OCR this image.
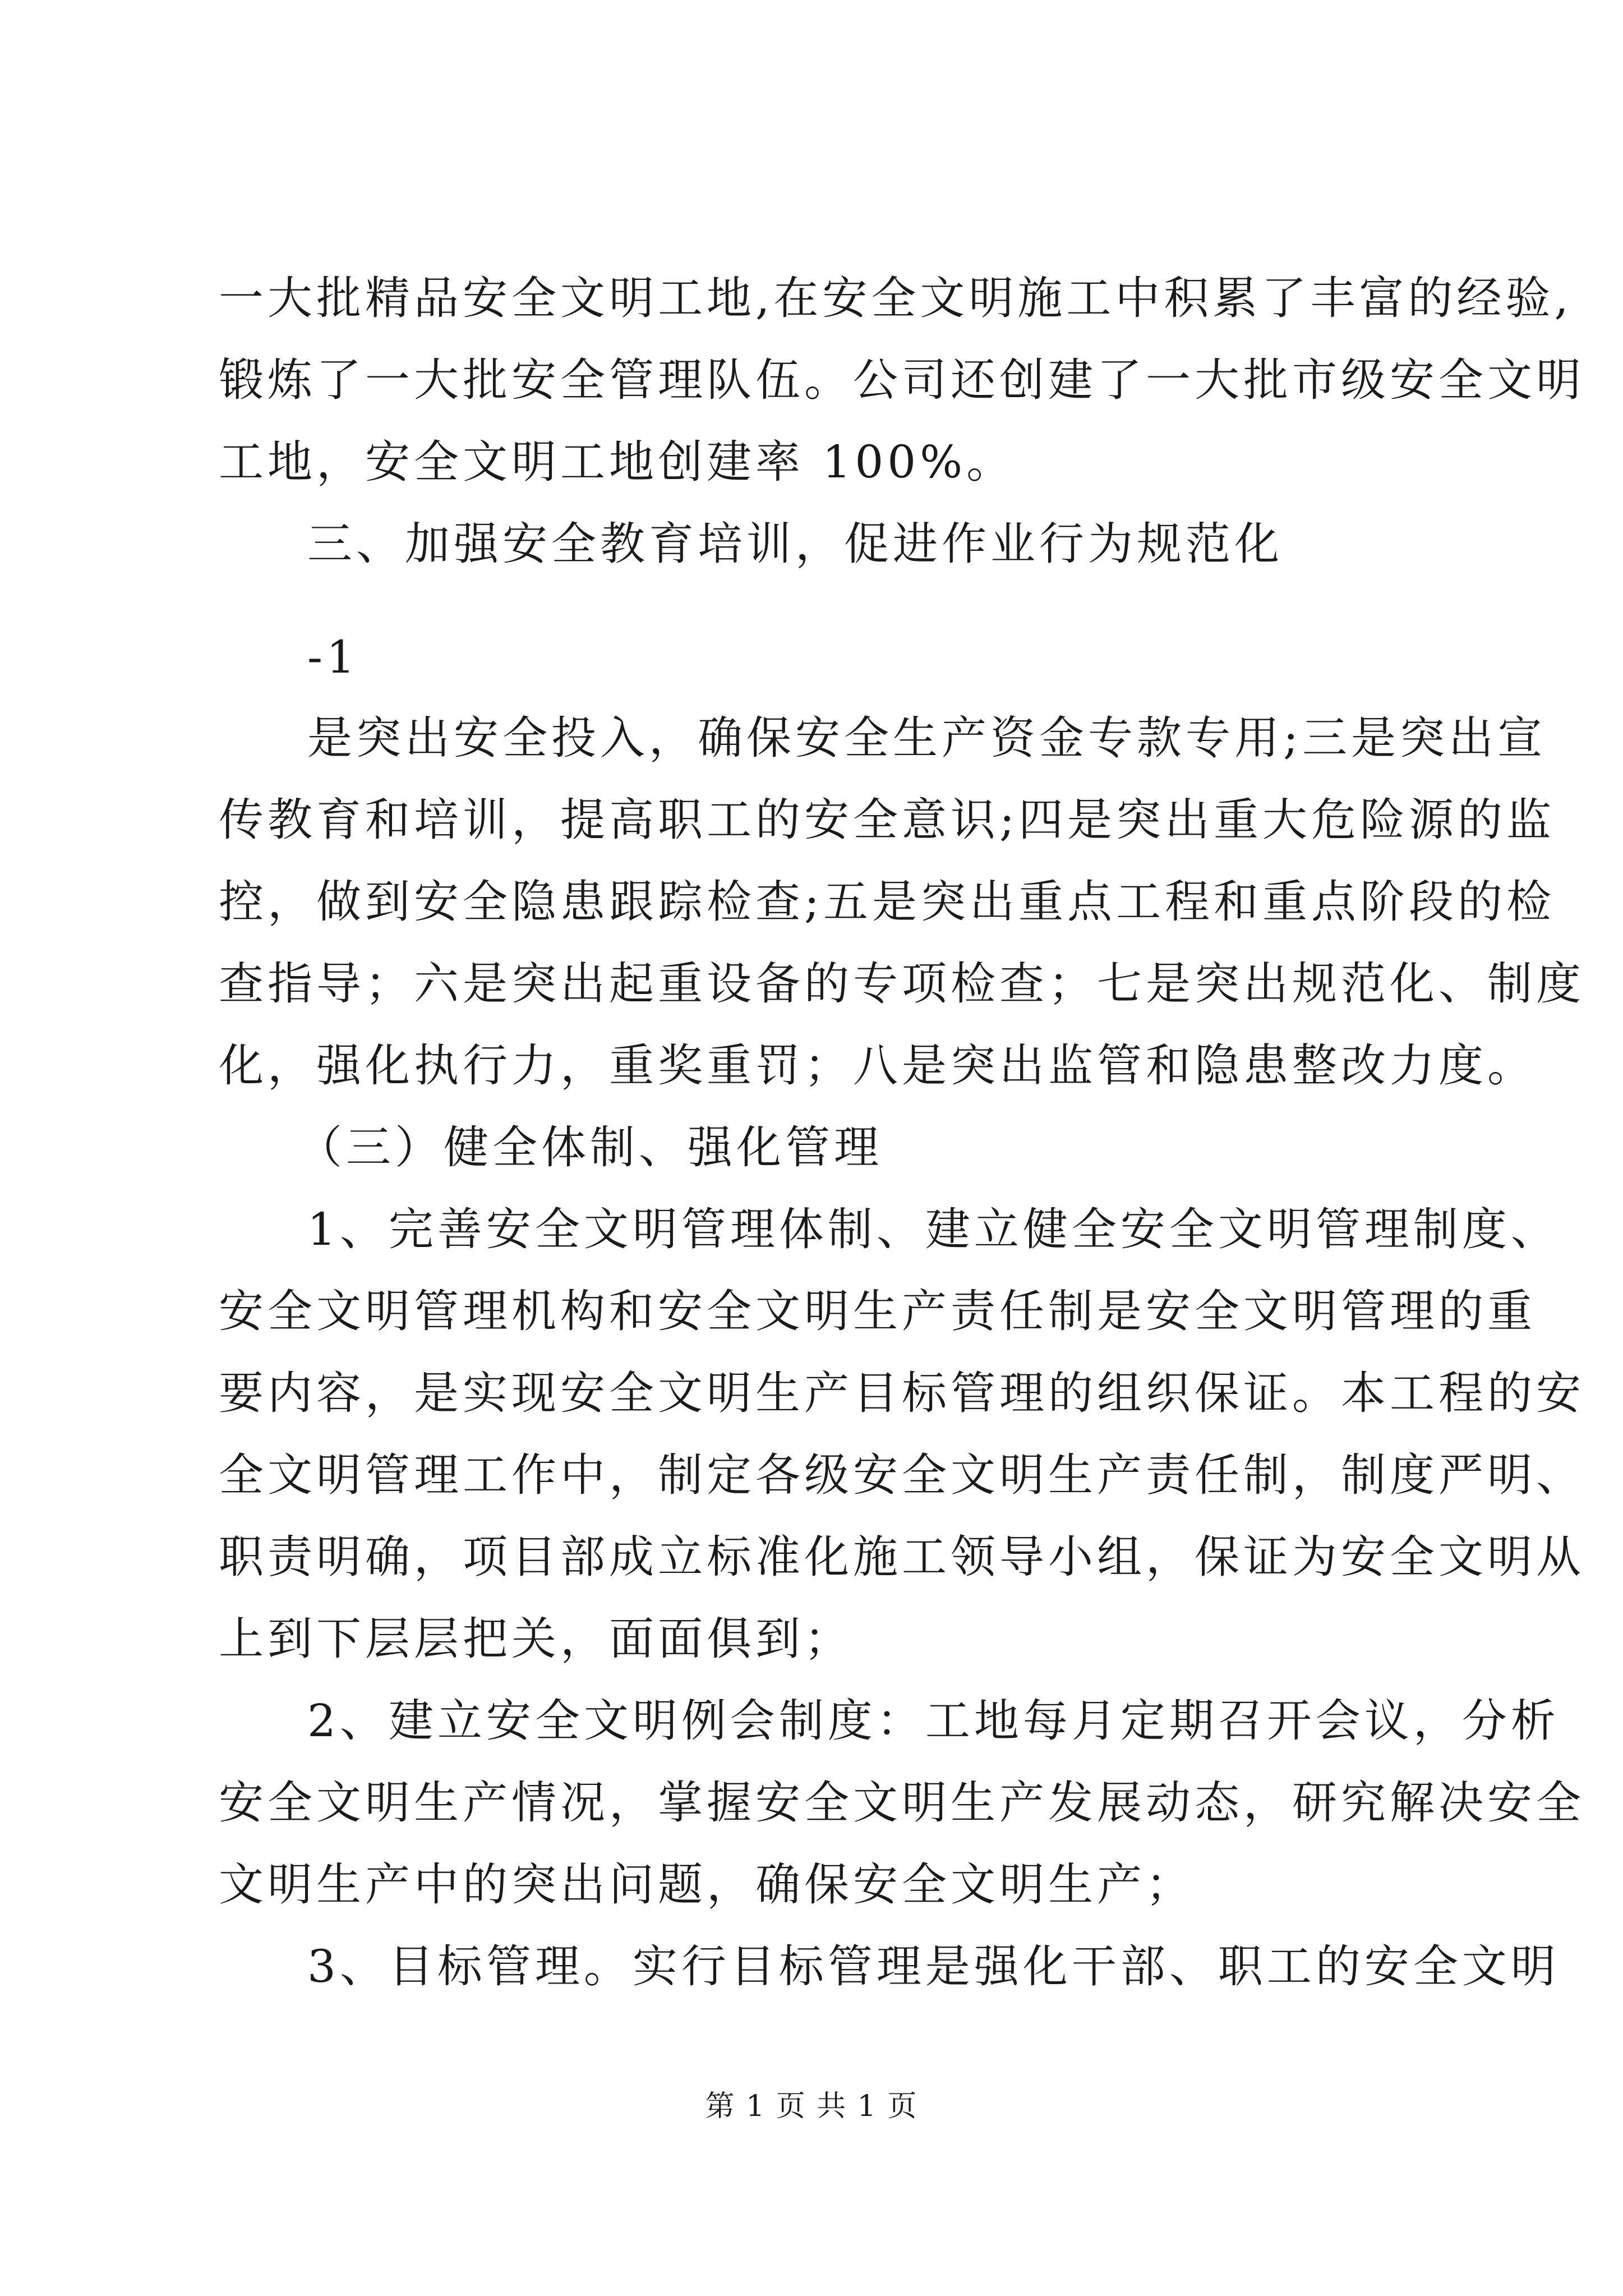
一大批精品安全文明工地,在安全文明施工中积累了丰富的经验,
锻炼了一大批安全管理队伍。公司还创建了一大批市级安全文明
工地，安全文明工地创建率 100%。
三、加强安全教育培训，促进作业行为规范化
-1
是突出安全投入，确保安全生产资金专款专用;三是突出宣
传教育和培训，提高职工的安全意识;四是突出重大危险源的监
控，做到安全隐患跟踪检查;五是突出重点工程和重点阶段的检
查指导；六是突出起重设备的专项检查；七是突出规范化、制度
化，强化执行力，重奖重罚；八是突出监管和隐患整改力度。
（三）健全体制、强化管理
1、完善安全文明管理体制、建立健全安全文明管理制度、
安全文明管理机构和安全文明生产责任制是安全文明管理的重
要内容，是实现安全文明生产目标管理的组织保证。本工程的安
全文明管理工作中，制定各级安全文明生产责任制，制度严明、
职责明确，项目部成立标准化施工领导小组，保证为安全文明从
上到下层层把关，面面俱到；
2、建立安全文明例会制度：工地每月定期召开会议，分析
安全文明生产情况，掌握安全文明生产发展动态，研究解决安全
文明生产中的突出问题，确保安全文明生产；
3、目标管理。实行目标管理是强化干部、职工的安全文明
第 1 页 共 1 页
